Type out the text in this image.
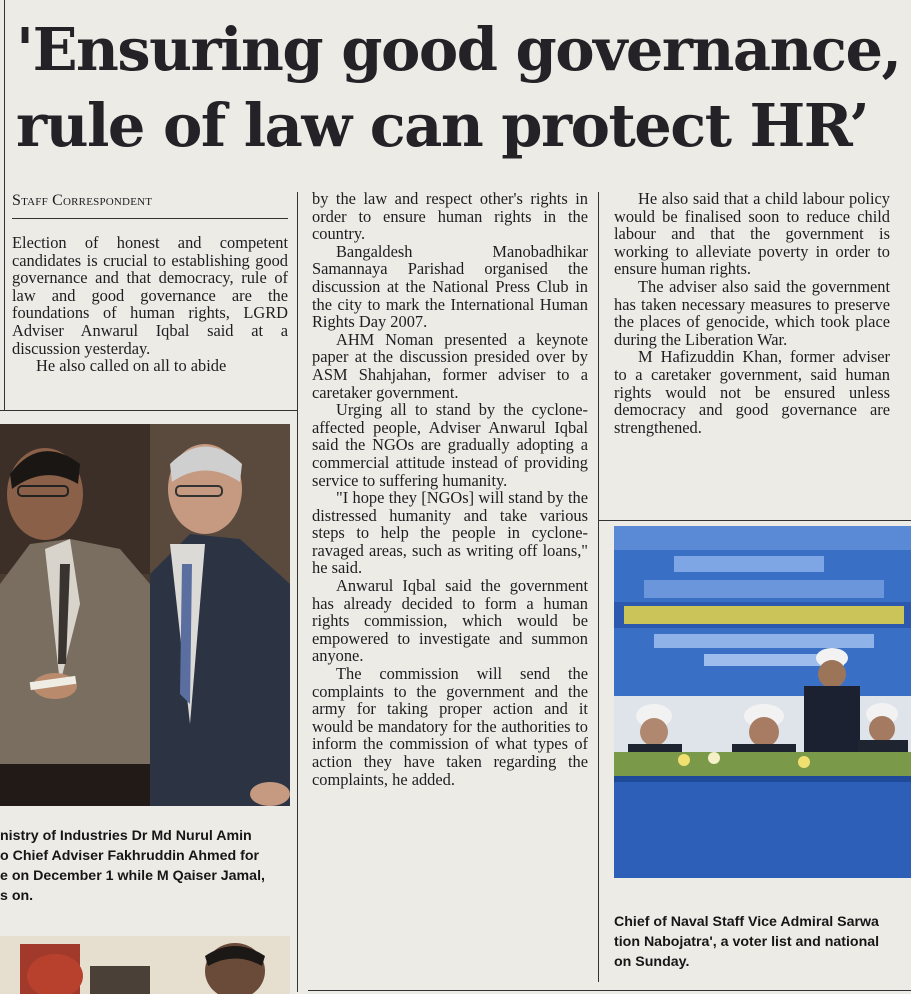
'Ensuring good governance,
rule of law can protect HR’
Staff Correspondent

Election of honest and competent candidates is crucial to establishing good governance and that democracy, rule of law and good governance are the foundations of human rights, LGRD Adviser Anwarul Iqbal said at a discussion yesterday.

He also called on all to abide

by the law and respect other's rights in order to ensure human rights in the country.

Bangaldesh Manobadhikar Samannaya Parishad organised the discussion at the National Press Club in the city to mark the International Human Rights Day 2007.

AHM Noman presented a keynote paper at the discussion presided over by ASM Shahjahan, former adviser to a caretaker government.

Urging all to stand by the cyclone-affected people, Adviser Anwarul Iqbal said the NGOs are gradually adopting a commercial attitude instead of providing service to suffering humanity.

"I hope they [NGOs] will stand by the distressed humanity and take various steps to help the people in cyclone-ravaged areas, such as writing off loans," he said.

Anwarul Iqbal said the government has already decided to form a human rights commission, which would be empowered to investigate and summon anyone.

The commission will send the complaints to the government and the army for taking proper action and it would be mandatory for the authorities to inform the commission of what types of action they have taken regarding the complaints, he added.

He also said that a child labour policy would be finalised soon to reduce child labour and that the government is working to alleviate poverty in order to ensure human rights.

The adviser also said the government has taken necessary measures to preserve the places of genocide, which took place during the Liberation War.

M Hafizuddin Khan, former adviser to a caretaker government, said human rights would not be ensured unless democracy and good governance are strengthened.

nistry of Industries Dr Md Nurul Amin
o Chief Adviser Fakhruddin Ahmed for
e on December 1 while M Qaiser Jamal,
s on.
Chief of Naval Staff Vice Admiral Sarwa
tion Nabojatra', a voter list and national
on Sunday.
